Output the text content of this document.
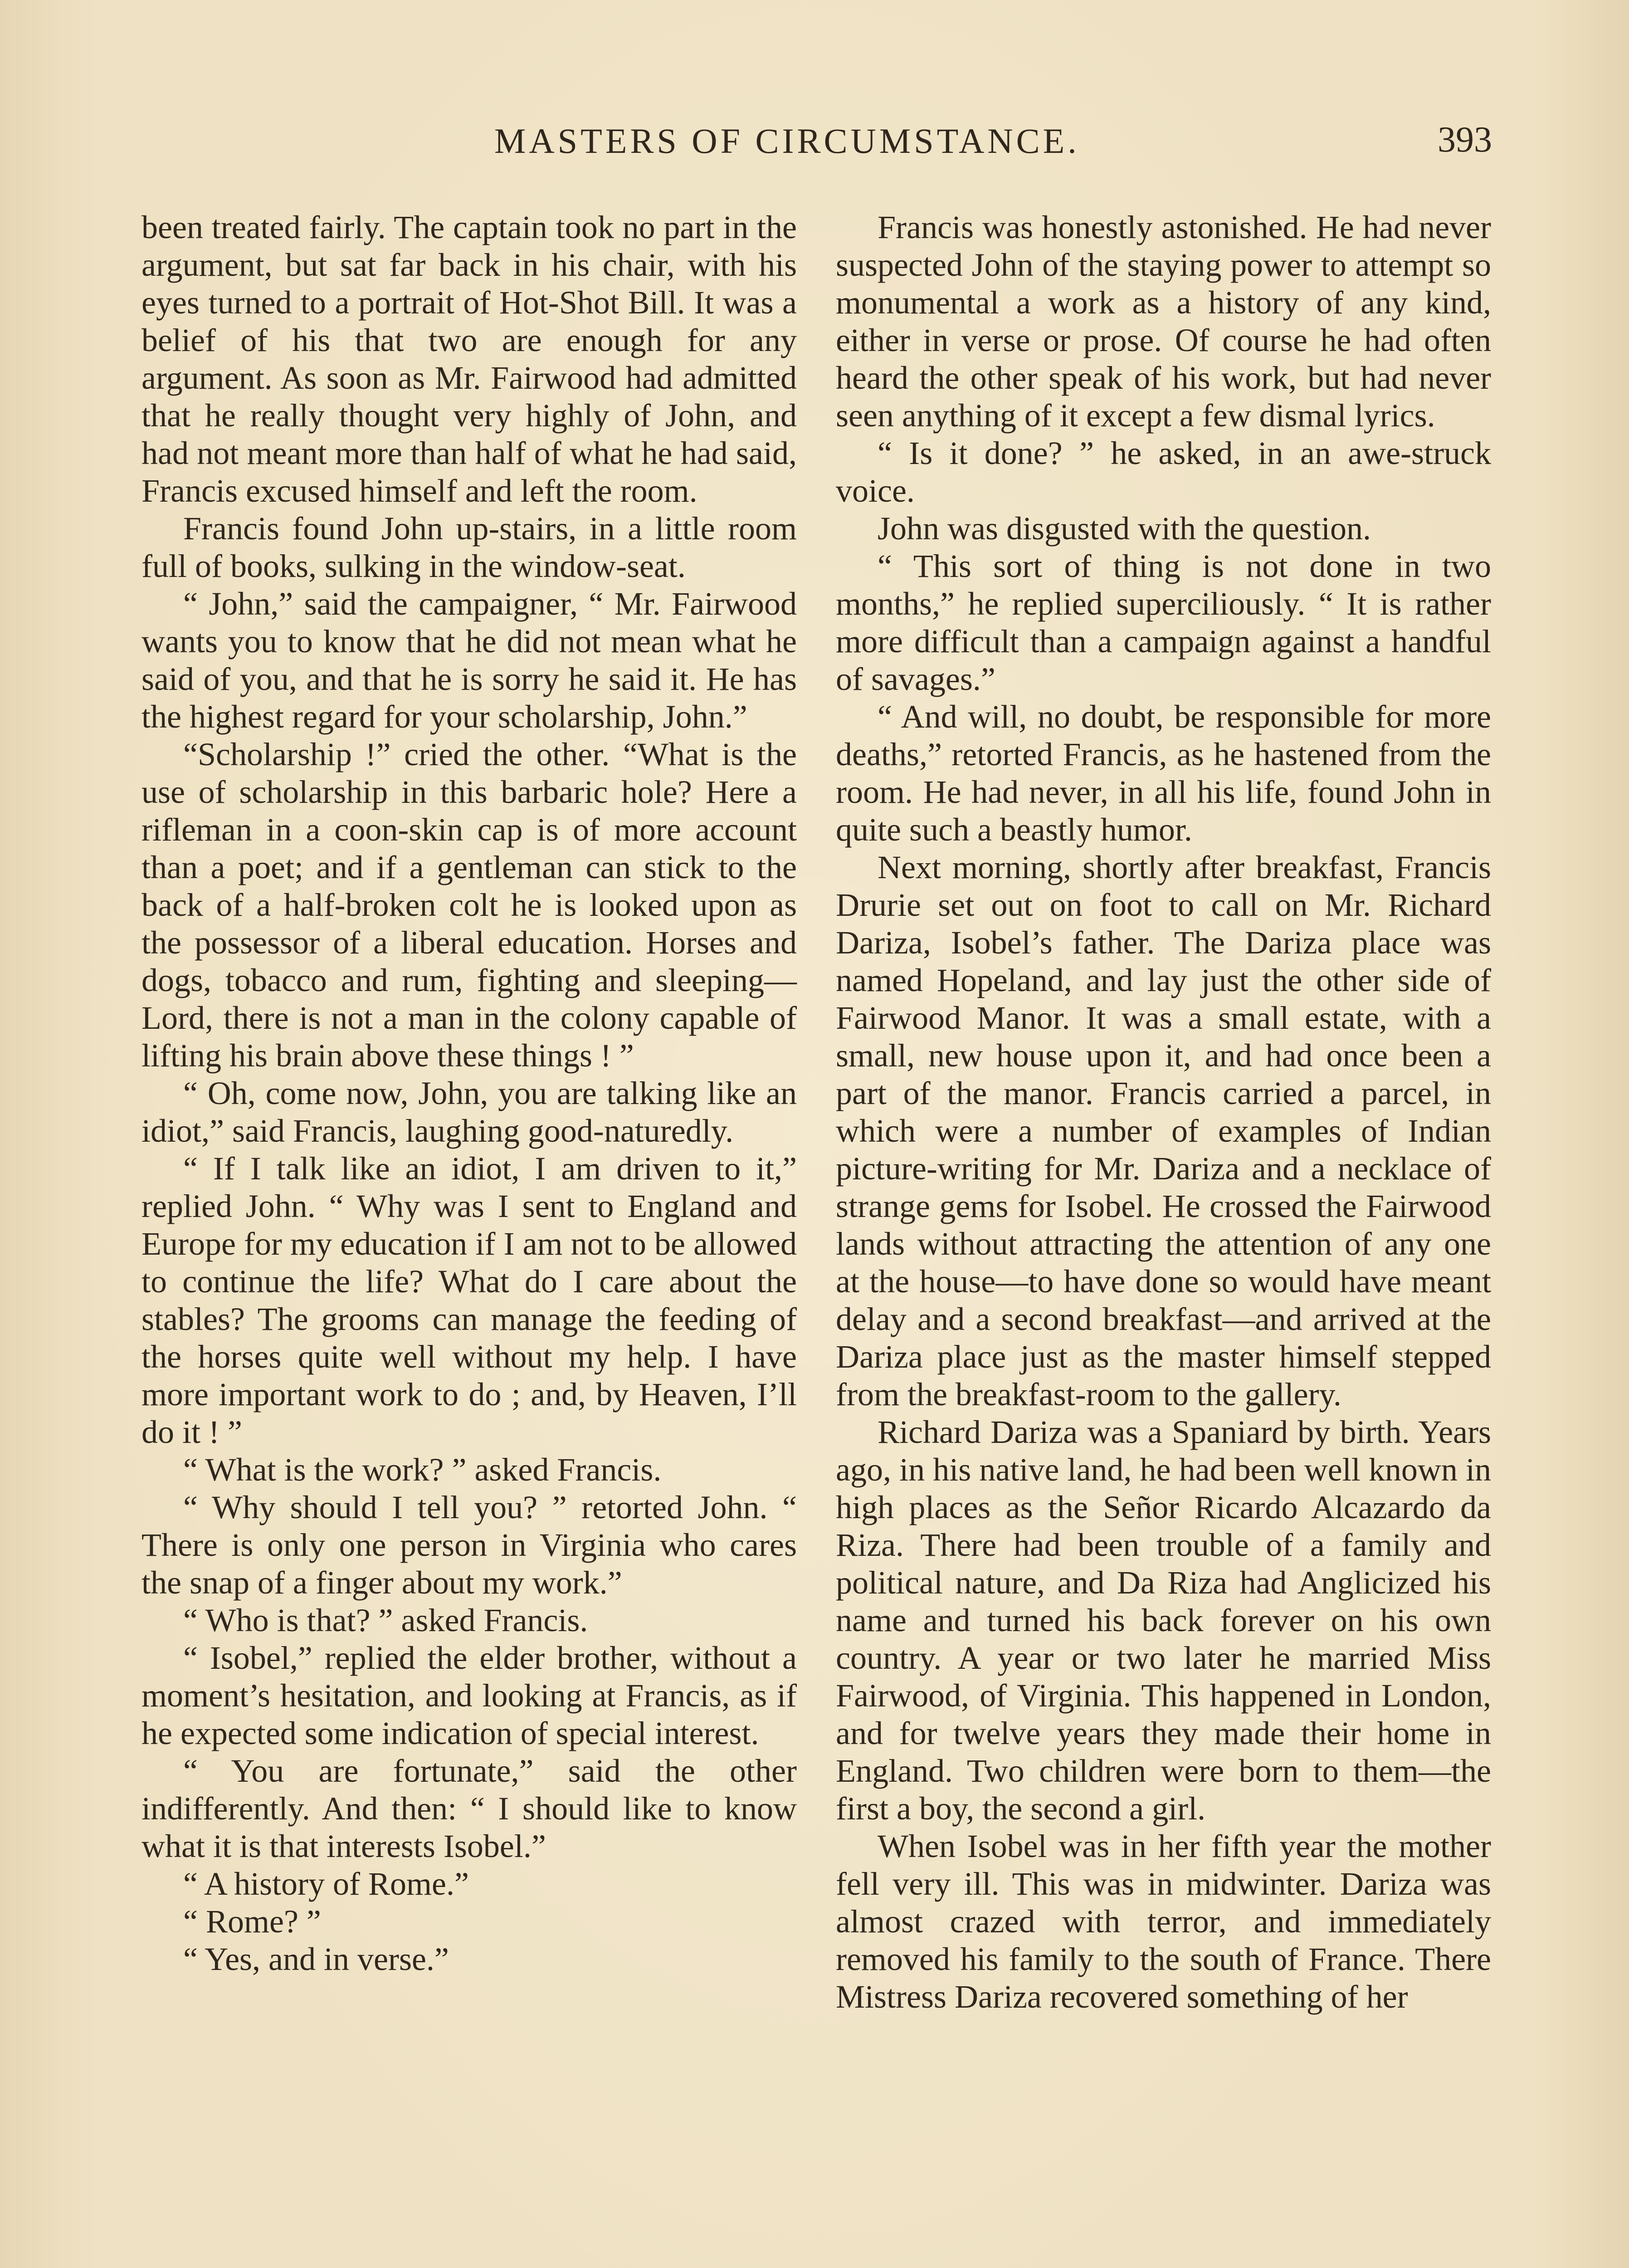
MASTERS OF CIRCUMSTANCE.	393

been treated fairly. The captain took no part in the argument, but sat far back in his chair, with his eyes turned to a portrait of Hot-Shot Bill. It was a belief of his that two are enough for any argument. As soon as Mr. Fairwood had admitted that he really thought very highly of John, and had not meant more than half of what he had said, Francis excused himself and left the room.

Francis found John up-stairs, in a little room full of books, sulking in the window-seat.

“ John,” said the campaigner, “ Mr. Fairwood wants you to know that he did not mean what he said of you, and that he is sorry he said it. He has the highest regard for your scholarship, John.”

“Scholarship !” cried the other. “What is the use of scholarship in this barbaric hole? Here a rifleman in a coon-skin cap is of more account than a poet; and if a gentleman can stick to the back of a half-broken colt he is looked upon as the possessor of a liberal education. Horses and dogs, tobacco and rum, fighting and sleeping—Lord, there is not a man in the colony capable of lifting his brain above these things ! ”

“ Oh, come now, John, you are talking like an idiot,” said Francis, laughing good-naturedly.

“ If I talk like an idiot, I am driven to it,” replied John. “ Why was I sent to England and Europe for my education if I am not to be allowed to continue the life? What do I care about the stables? The grooms can manage the feeding of the horses quite well without my help. I have more important work to do ; and, by Heaven, I’ll do it ! ”

“ What is the work? ” asked Francis.

“ Why should I tell you? ” retorted John. “ There is only one person in Virginia who cares the snap of a finger about my work.”

“ Who is that? ” asked Francis.

“ Isobel,” replied the elder brother, without a moment’s hesitation, and looking at Francis, as if he expected some indication of special interest.

“ You are fortunate,” said the other indifferently. And then: “ I should like to know what it is that interests Isobel.”

“ A history of Rome.”

“ Rome? ”

“ Yes, and in verse.”

Francis was honestly astonished. He had never suspected John of the staying power to attempt so monumental a work as a history of any kind, either in verse or prose. Of course he had often heard the other speak of his work, but had never seen anything of it except a few dismal lyrics.

“ Is it done? ” he asked, in an awe-struck voice.

John was disgusted with the question.

“ This sort of thing is not done in two months,” he replied superciliously. “ It is rather more difficult than a campaign against a handful of savages.”

“ And will, no doubt, be responsible for more deaths,” retorted Francis, as he hastened from the room. He had never, in all his life, found John in quite such a beastly humor.

Next morning, shortly after breakfast, Francis Drurie set out on foot to call on Mr. Richard Dariza, Isobel’s father. The Dariza place was named Hopeland, and lay just the other side of Fairwood Manor. It was a small estate, with a small, new house upon it, and had once been a part of the manor. Francis carried a parcel, in which were a number of examples of Indian picture-writing for Mr. Dariza and a necklace of strange gems for Isobel. He crossed the Fairwood lands without attracting the attention of any one at the house—to have done so would have meant delay and a second breakfast—and arrived at the Dariza place just as the master himself stepped from the breakfast-room to the gallery.

Richard Dariza was a Spaniard by birth. Years ago, in his native land, he had been well known in high places as the Señor Ricardo Alcazardo da Riza. There had been trouble of a family and political nature, and Da Riza had Anglicized his name and turned his back forever on his own country. A year or two later he married Miss Fairwood, of Virginia. This happened in London, and for twelve years they made their home in England. Two children were born to them—the first a boy, the second a girl.

When Isobel was in her fifth year the mother fell very ill. This was in midwinter. Dariza was almost crazed with terror, and immediately removed his family to the south of France. There Mistress Dariza recovered something of her
